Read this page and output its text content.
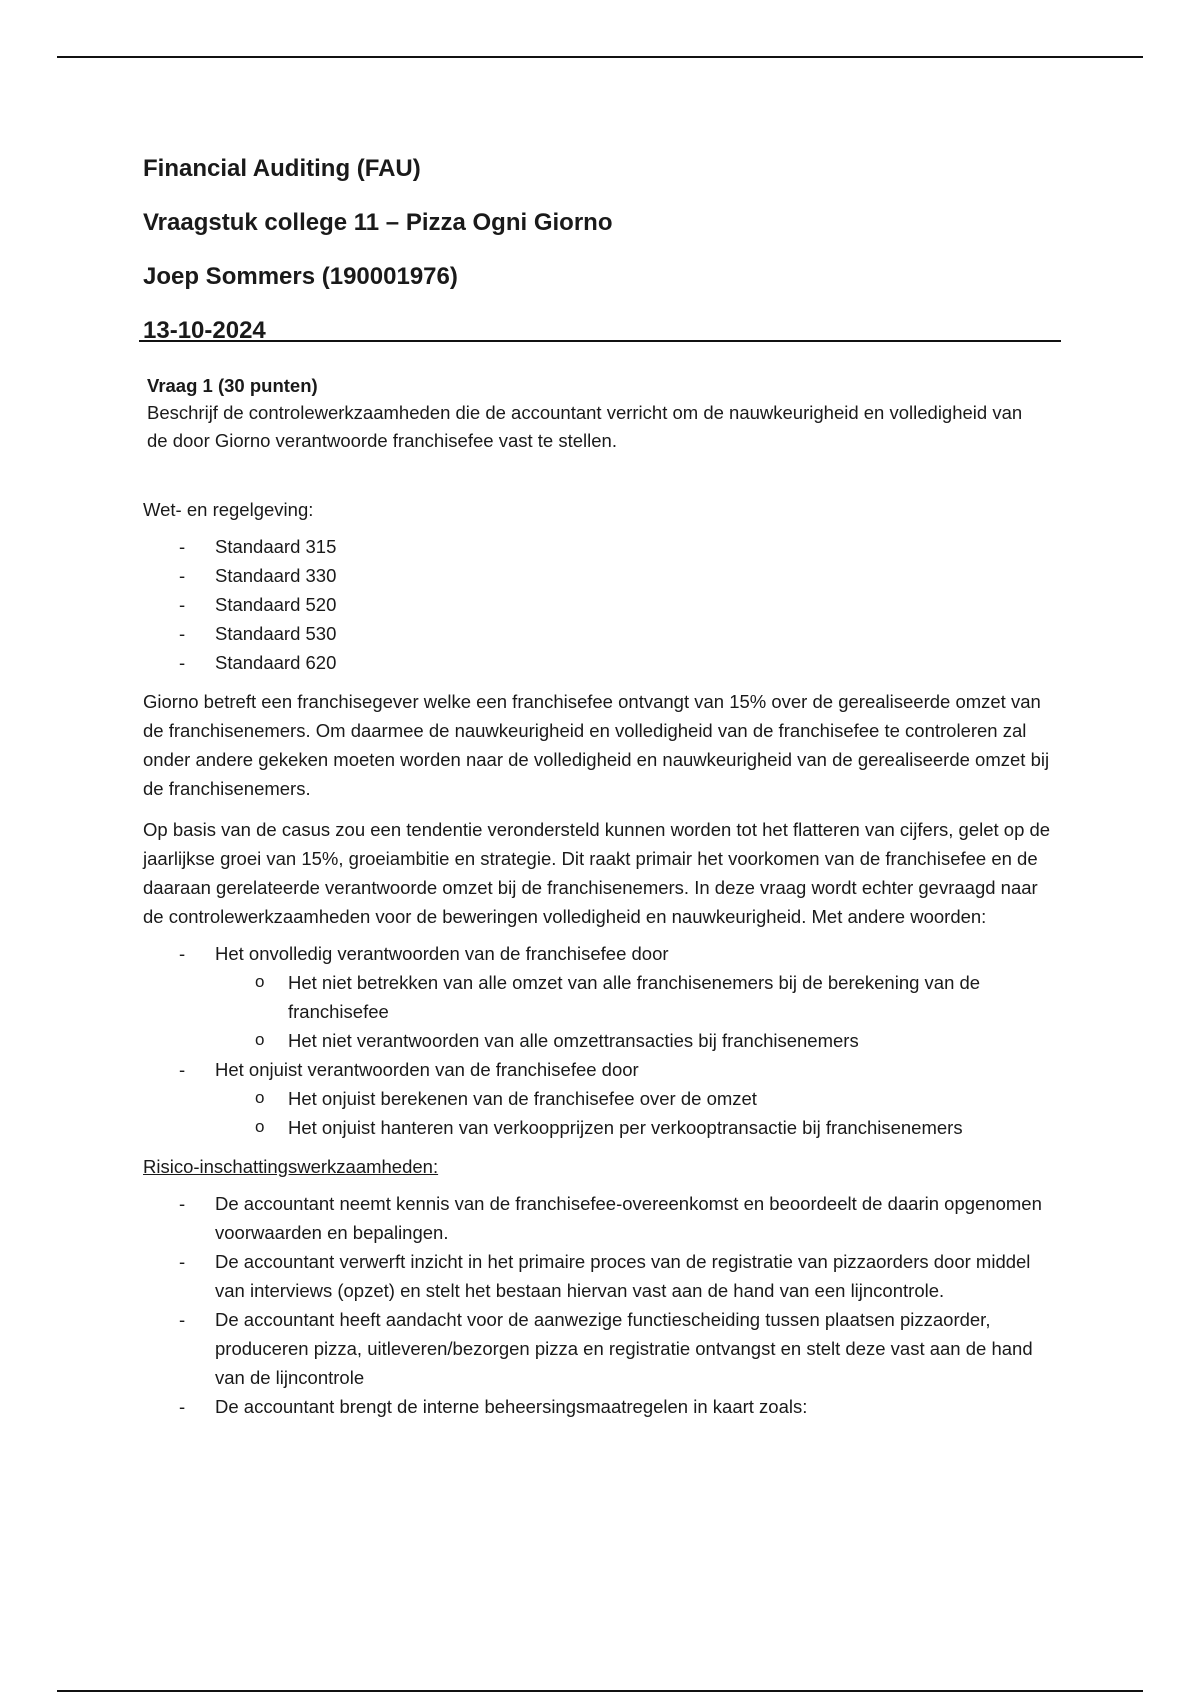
Financial Auditing (FAU)

Vraagstuk college 11 – Pizza Ogni Giorno

Joep Sommers (190001976)

13-10-2024

Vraag 1 (30 punten)

Beschrijf de controlewerkzaamheden die de accountant verricht om de nauwkeurigheid en volledigheid van de door Giorno verantwoorde franchisefee vast te stellen.

Wet- en regelgeving:

- Standaard 315
- Standaard 330
- Standaard 520
- Standaard 530
- Standaard 620

Giorno betreft een franchisegever welke een franchisefee ontvangt van 15% over de gerealiseerde omzet van de franchisenemers. Om daarmee de nauwkeurigheid en volledigheid van de franchisefee te controleren zal onder andere gekeken moeten worden naar de volledigheid en nauwkeurigheid van de gerealiseerde omzet bij de franchisenemers.

Op basis van de casus zou een tendentie verondersteld kunnen worden tot het flatteren van cijfers, gelet op de jaarlijkse groei van 15%, groeiambitie en strategie. Dit raakt primair het voorkomen van de franchisefee en de daaraan gerelateerde verantwoorde omzet bij de franchisenemers. In deze vraag wordt echter gevraagd naar de controlewerkzaamheden voor de beweringen volledigheid en nauwkeurigheid. Met andere woorden:

- Het onvolledig verantwoorden van de franchisefee door
o Het niet betrekken van alle omzet van alle franchisenemers bij de berekening van de franchisefee
o Het niet verantwoorden van alle omzettransacties bij franchisenemers
- Het onjuist verantwoorden van de franchisefee door
o Het onjuist berekenen van de franchisefee over de omzet
o Het onjuist hanteren van verkoopprijzen per verkooptransactie bij franchisenemers

Risico-inschattingswerkzaamheden:

- De accountant neemt kennis van de franchisefee-overeenkomst en beoordeelt de daarin opgenomen voorwaarden en bepalingen.
- De accountant verwerft inzicht in het primaire proces van de registratie van pizzaorders door middel van interviews (opzet) en stelt het bestaan hiervan vast aan de hand van een lijncontrole.
- De accountant heeft aandacht voor de aanwezige functiescheiding tussen plaatsen pizzaorder, produceren pizza, uitleveren/bezorgen pizza en registratie ontvangst en stelt deze vast aan de hand van de lijncontrole
- De accountant brengt de interne beheersingsmaatregelen in kaart zoals:
